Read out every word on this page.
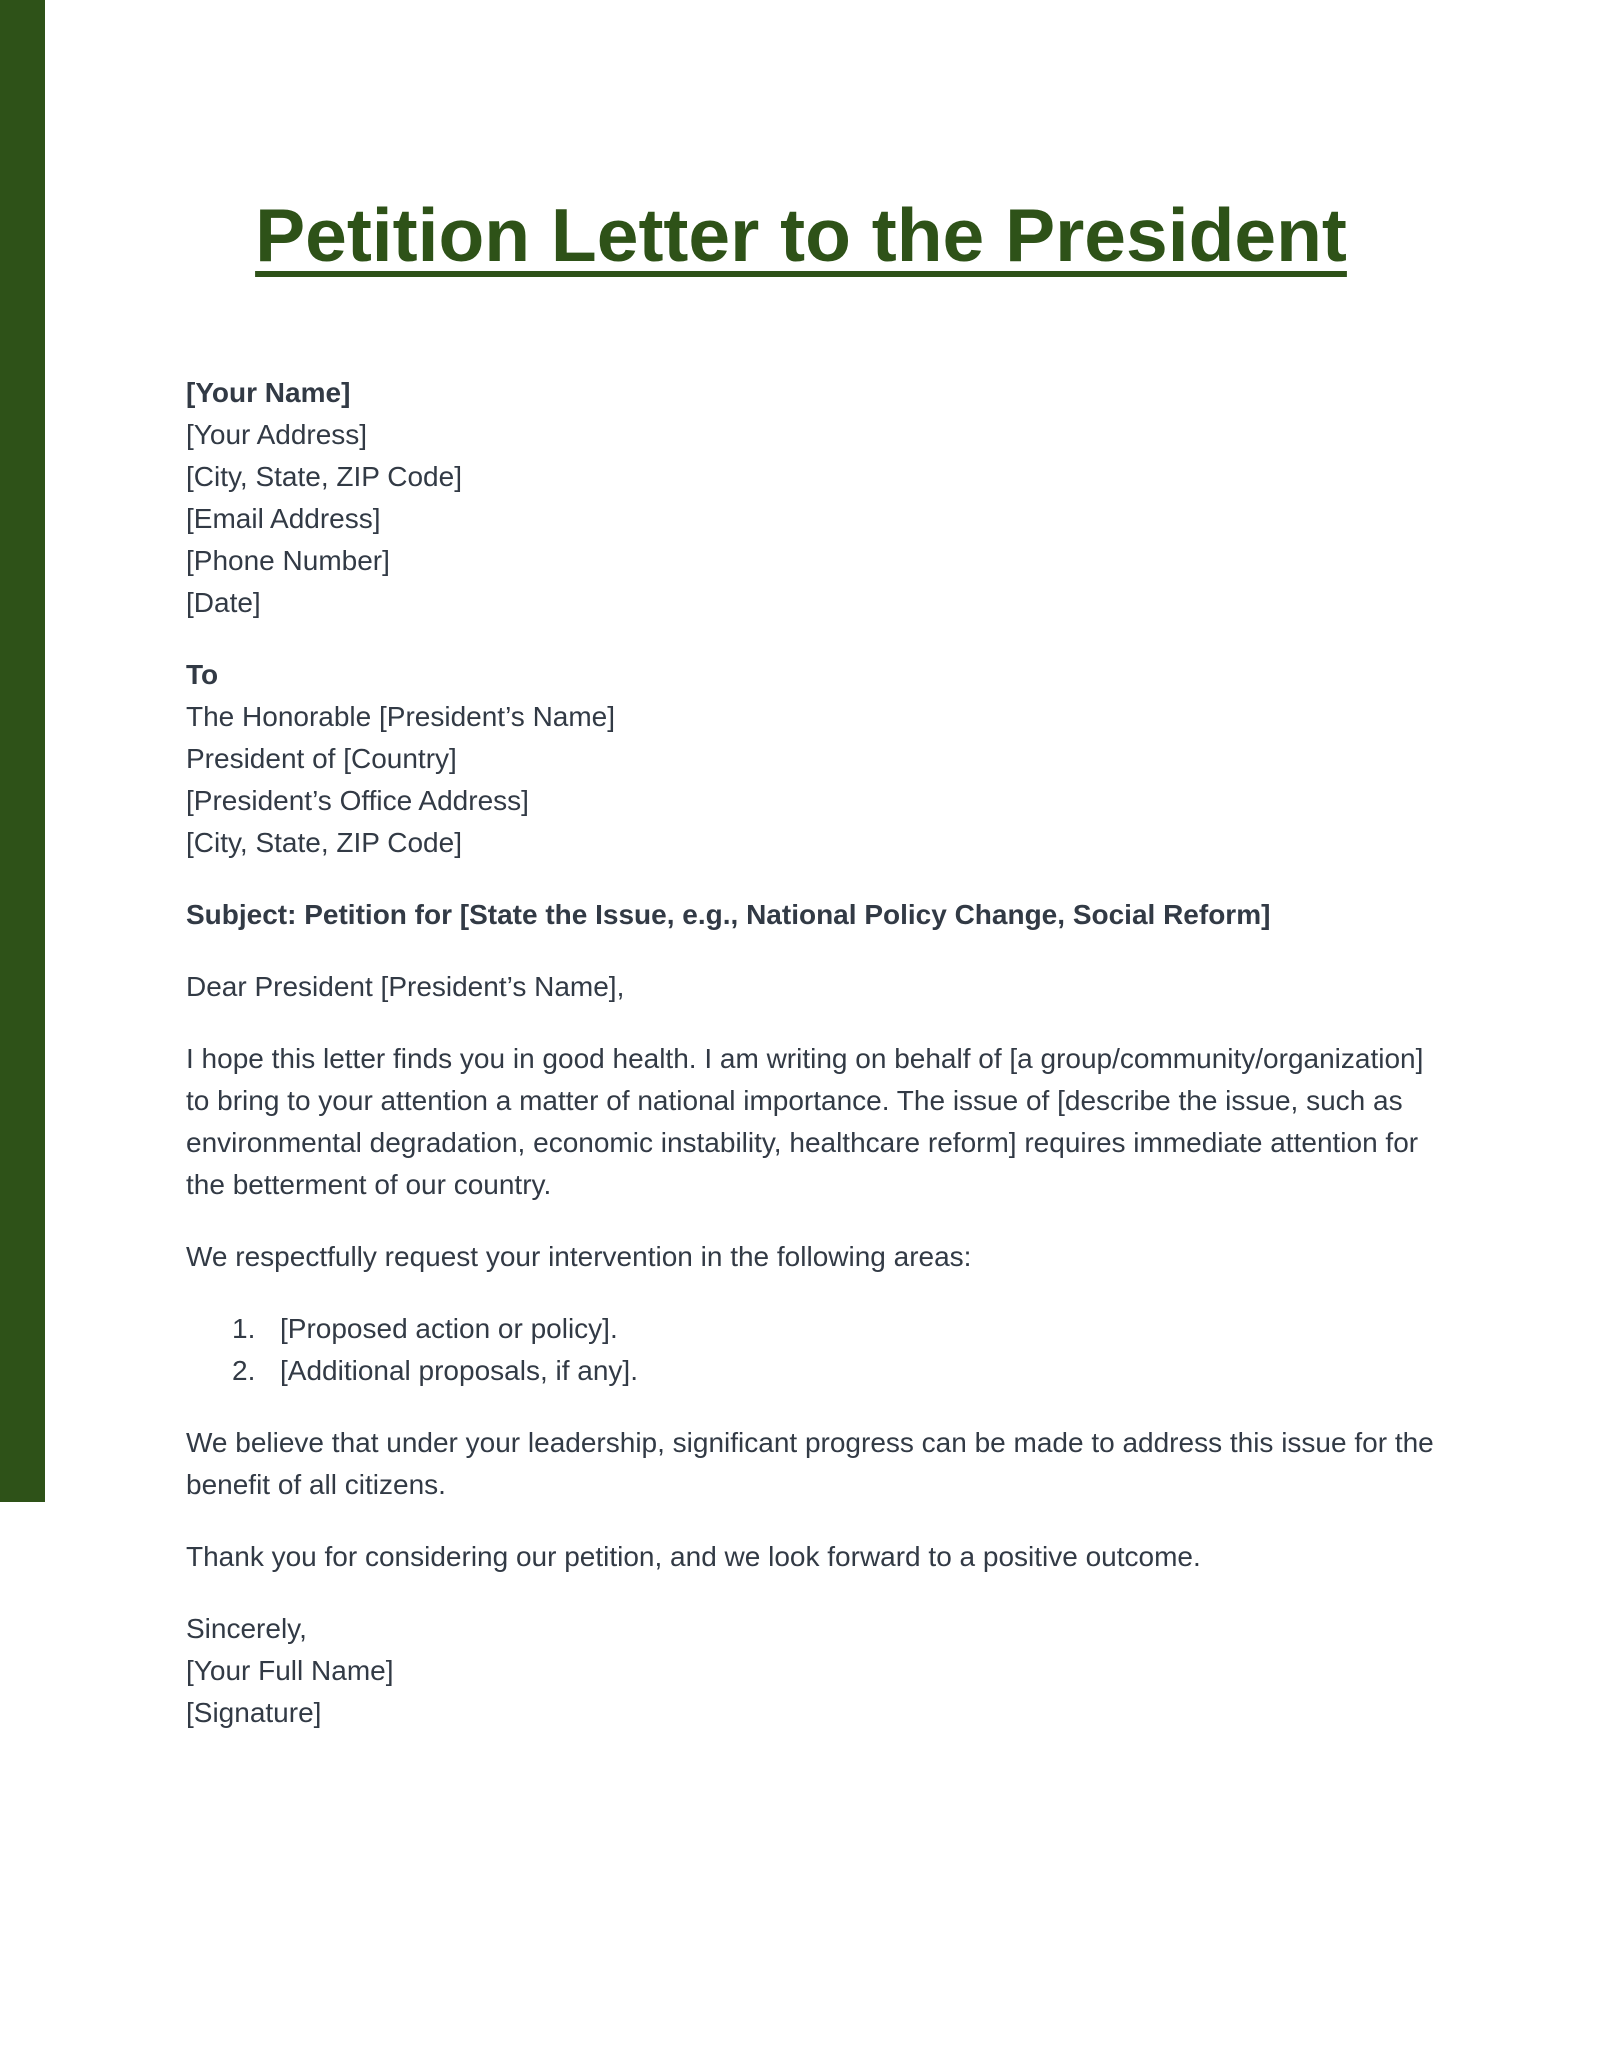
Petition Letter to the President
[Your Name]
[Your Address]
[City, State, ZIP Code]
[Email Address]
[Phone Number]
[Date]
To
The Honorable [President’s Name]
President of [Country]
[President’s Office Address]
[City, State, ZIP Code]

Subject: Petition for [State the Issue, e.g., National Policy Change, Social Reform]

Dear President [President’s Name],

I hope this letter finds you in good health. I am writing on behalf of [a group/community/organization] to bring to your attention a matter of national importance. The issue of [describe the issue, such as environmental degradation, economic instability, healthcare reform] requires immediate attention for the betterment of our country.

We respectfully request your intervention in the following areas:

[Proposed action or policy].
[Additional proposals, if any].

We believe that under your leadership, significant progress can be made to address this issue for the benefit of all citizens.

Thank you for considering our petition, and we look forward to a positive outcome.

Sincerely,
[Your Full Name]
[Signature]
